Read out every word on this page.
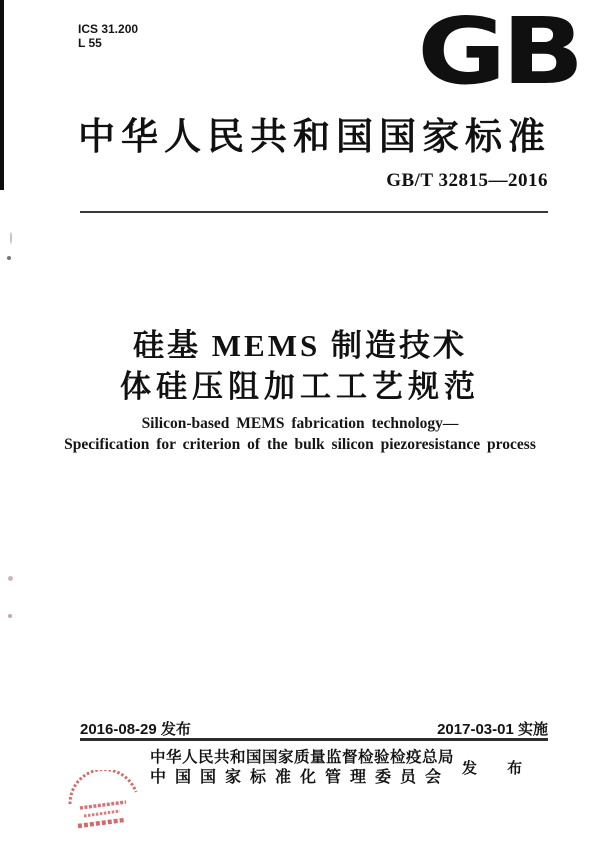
ICS 31.200
L 55	GB
中华人民共和国国家标准
GB/T 32815—2016
硅基 MEMS 制造技术
体硅压阻加工工艺规范
Silicon-based MEMS fabrication technology—
Specification for criterion of the bulk silicon piezoresistance process
2016-08-29 发布	2017-03-01 实施
中华人民共和国国家质量监督检验检疫总局
中国国家标准化管理委员会
发 布
